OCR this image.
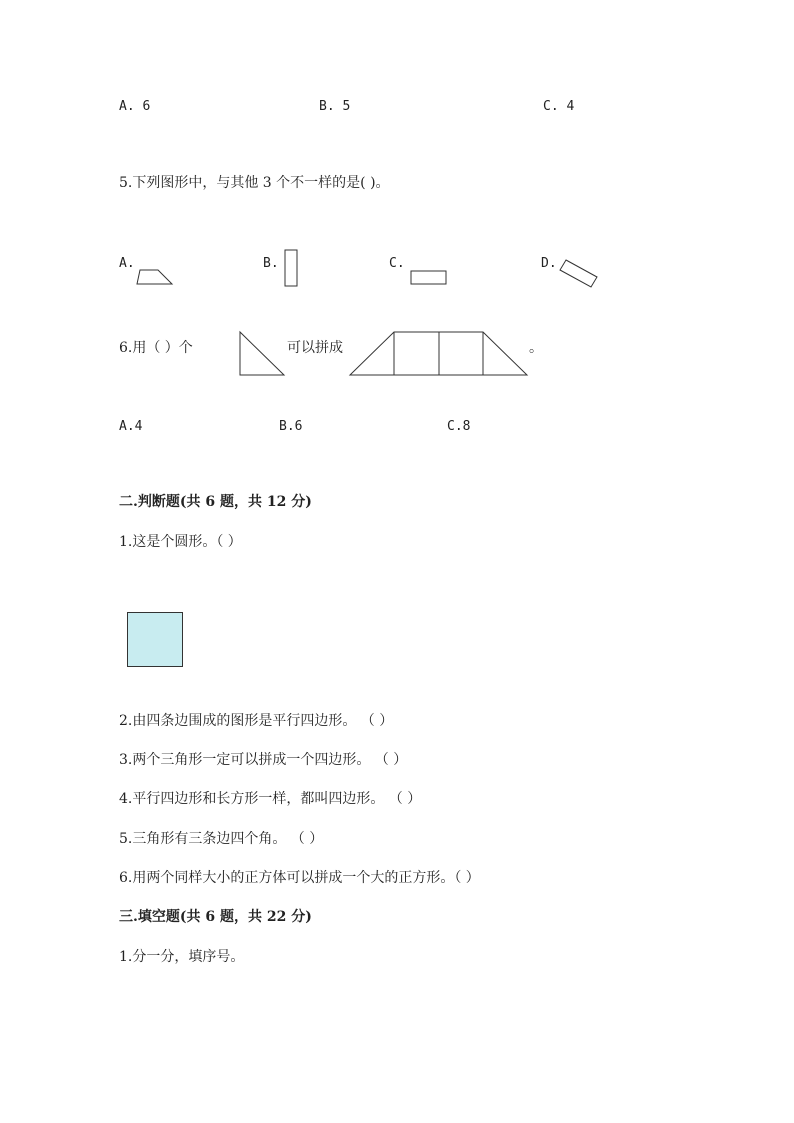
A. 6	B. 5	C. 4
5.下列图形中，与其他 3 个不一样的是( )。
A.	B.	C.	D.
6.用（ ）个	可以拼成	。
A.4	B.6	C.8
二.判断题(共 6 题，共 12 分)
1.这是个圆形。（ ）
2.由四条边围成的图形是平行四边形。 （ ）
3.两个三角形一定可以拼成一个四边形。 （ ）
4.平行四边形和长方形一样，都叫四边形。 （ ）
5.三角形有三条边四个角。 （ ）
6.用两个同样大小的正方体可以拼成一个大的正方形。（ ）
三.填空题(共 6 题，共 22 分)
1.分一分，填序号。
